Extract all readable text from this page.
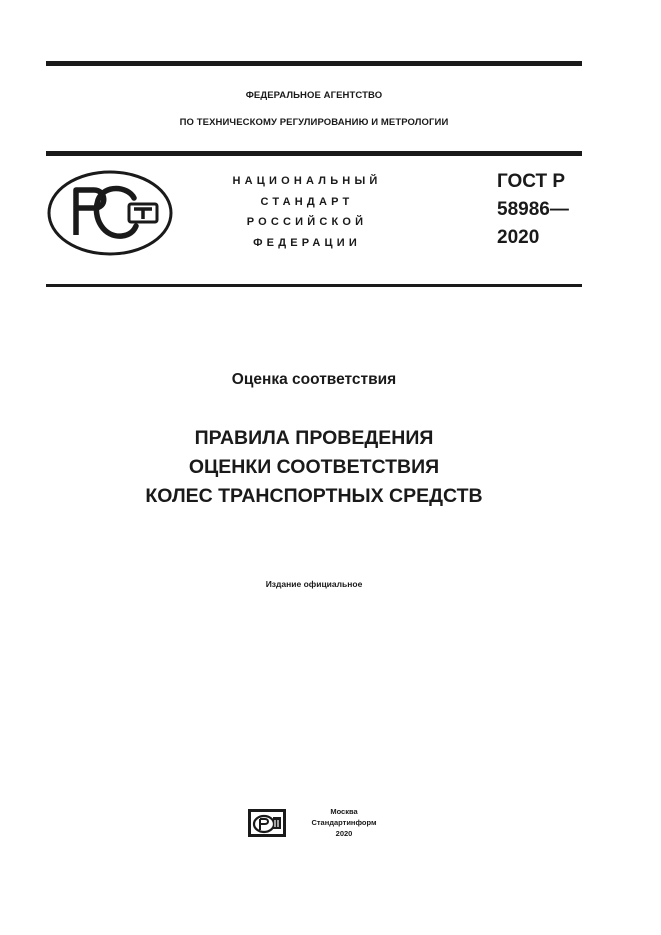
ФЕДЕРАЛЬНОЕ АГЕНТСТВО
ПО ТЕХНИЧЕСКОМУ РЕГУЛИРОВАНИЮ И МЕТРОЛОГИИ
НАЦИОНАЛЬНЫЙ
СТАНДАРТ
РОССИЙСКОЙ
ФЕДЕРАЦИИ
ГОСТ Р
58986—
2020
Оценка соответствия
ПРАВИЛА ПРОВЕДЕНИЯ
ОЦЕНКИ СООТВЕТСТВИЯ
КОЛЕС ТРАНСПОРТНЫХ СРЕДСТВ
Издание официальное
Москва
Стандартинформ
2020
